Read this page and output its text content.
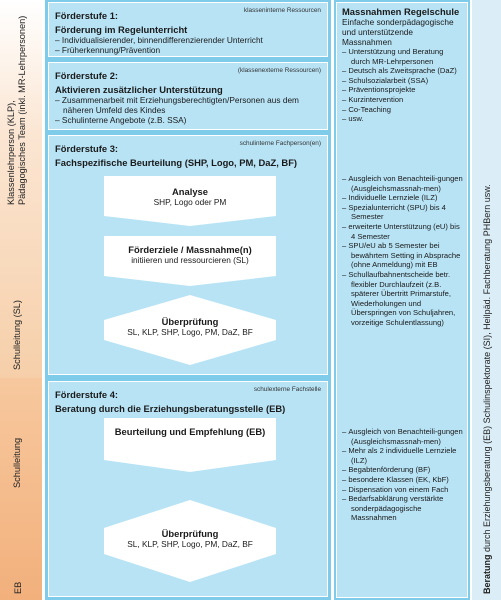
Klassenlehrperson (KLP), Pädagogisches Team (inkl. MR-Lehrpersonen)
Schulleitung (SL)
Schulleitung
EB	Beratung durch Erziehungsberatung (EB) Schulinspektorate (SI), Heilpäd. Fachberatung PHBern usw.
Förderstufe 1:	klasseninterne Ressourcen
Förderung im Regelunterricht
– Individualisierender, binnendifferenzierender Unterricht
– Früherkennung/Prävention
Förderstufe 2:	(klassenexterne Ressourcen)
Aktivieren zusätzlicher Unterstützung
– Zusammenarbeit mit Erziehungsberechtigten/Personen aus dem näheren Umfeld des Kindes
– Schulinterne Angebote (z.B. SSA)
Förderstufe 3:	schulinterne Fachperson(en)
Fachspezifische Beurteilung (SHP, Logo, PM, DaZ, BF)
Analyse
SHP, Logo oder PM
Förderziele / Massnahme(n)
initiieren und ressourcieren (SL)
Überprüfung
SL, KLP, SHP, Logo, PM, DaZ, BF
Förderstufe 4:	schulexterne Fachstelle
Beratung durch die Erziehungsberatungsstelle (EB)
Beurteilung und Empfehlung (EB)
Überprüfung
SL, KLP, SHP, Logo, PM, DaZ, BF
Massnahmen Regelschule
Einfache sonderpädagogische
und unterstützende Massnahmen
– Unterstützung und Beratung durch MR-Lehrpersonen
– Deutsch als Zweitsprache (DaZ)
– Schulsozialarbeit (SSA)
– Präventionsprojekte
– Kurzintervention
– Co-Teaching
– usw.
– Ausgleich von Benachteili-gungen (Ausgleichsmassnah-men)
– Individuelle Lernziele (ILZ)
– Spezialunterricht (SPU) bis 4 Semester
– erweiterte Unterstützung (eU) bis 4 Semester
– SPU/eU ab 5 Semester bei bewährtem Setting in Absprache (ohne Anmeldung) mit EB
– Schullaufbahnentscheide betr. flexibler Durchlaufzeit (z.B. späterer Übertritt Primarstufe, Wiederholungen und Überspringen von Schuljahren, vorzeitige Schulentlassung)
– Ausgleich von Benachteili-gungen (Ausgleichsmassnah-men)
– Mehr als 2 individuelle Lernziele (ILZ)
– Begabtenförderung (BF)
– besondere Klassen (EK, KbF)
– Dispensation von einem Fach
– Bedarfsabklärung verstärkte sonderpädagogische Massnahmen
